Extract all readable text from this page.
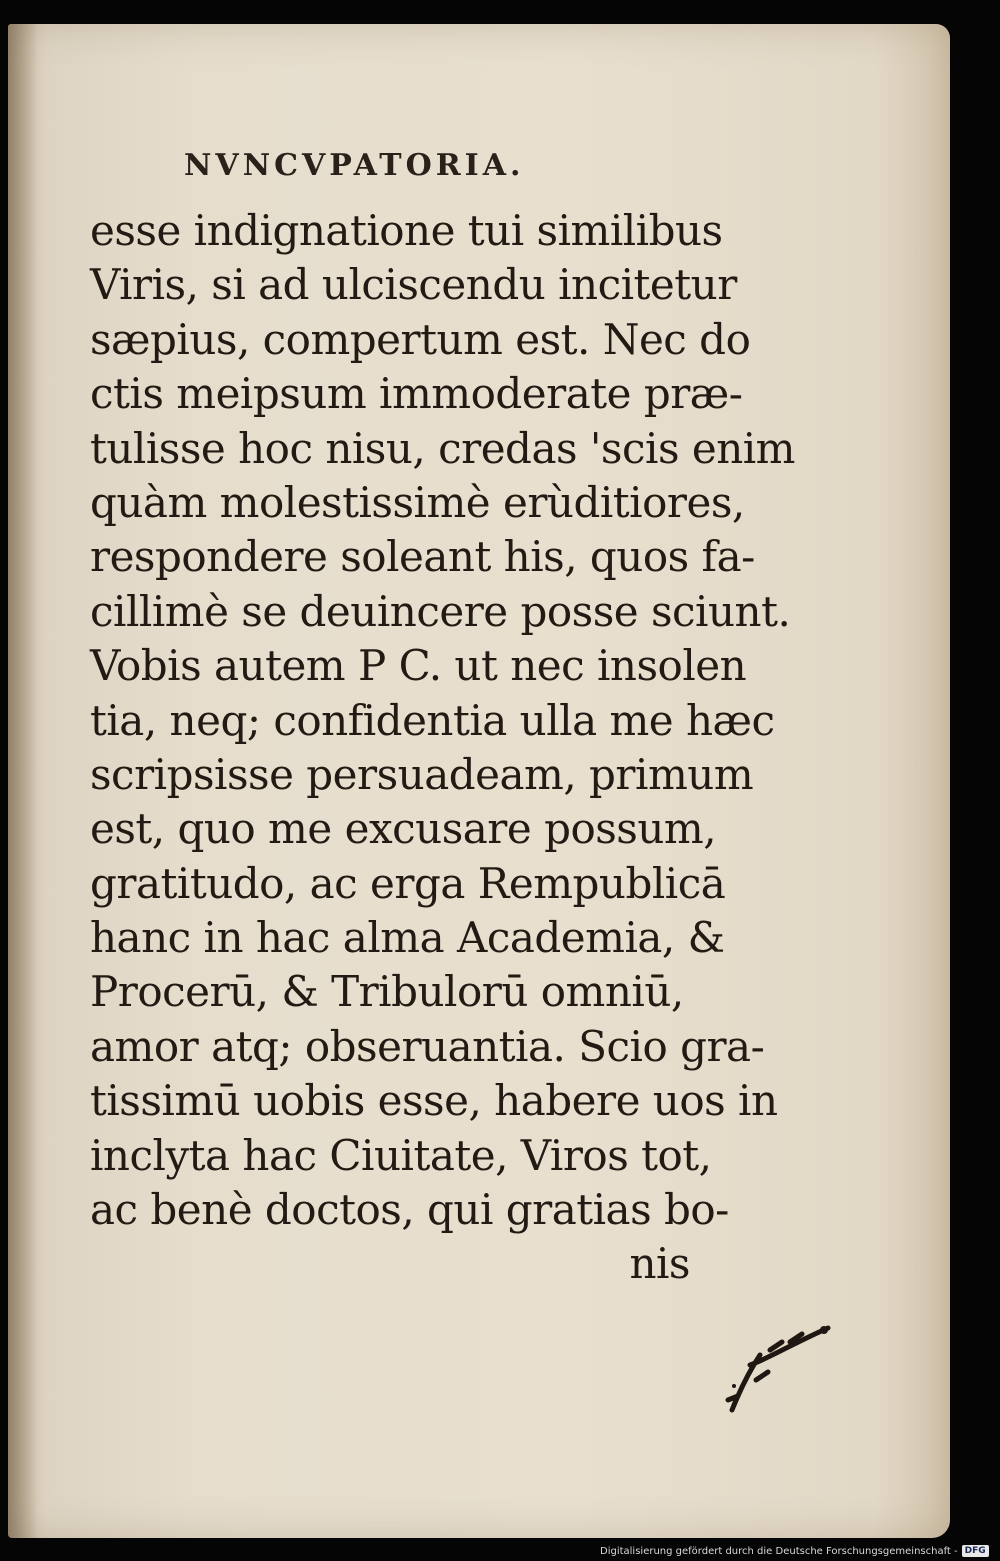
NVNCVPATORIA.
esse indignatione tui similibus
Viris, si ad ulciscendu incitetur
sæpius, compertum est. Nec do
ctis meipsum immoderate præ-
tulisse hoc nisu, credas 'scis enim
quàm molestissimè erùditiores,
respondere soleant his, quos fa-
cillimè se deuincere posse sciunt.
Vobis autem P C. ut nec insolen
tia, neq; confidentia ulla me hæc
scripsisse persuadeam, primum
est, quo me excusare possum,
gratitudo, ac erga Rempublicā
hanc in hac alma Academia, &
Procerū, & Tribulorū omniū,
amor atq; obseruantia. Scio gra-
tissimū uobis esse, habere uos in
inclyta hac Ciuitate, Viros tot,
ac benè doctos, qui gratias bo-
nis
Digitalisierung gefördert durch die Deutsche Forschungsgemeinschaft - DFG
